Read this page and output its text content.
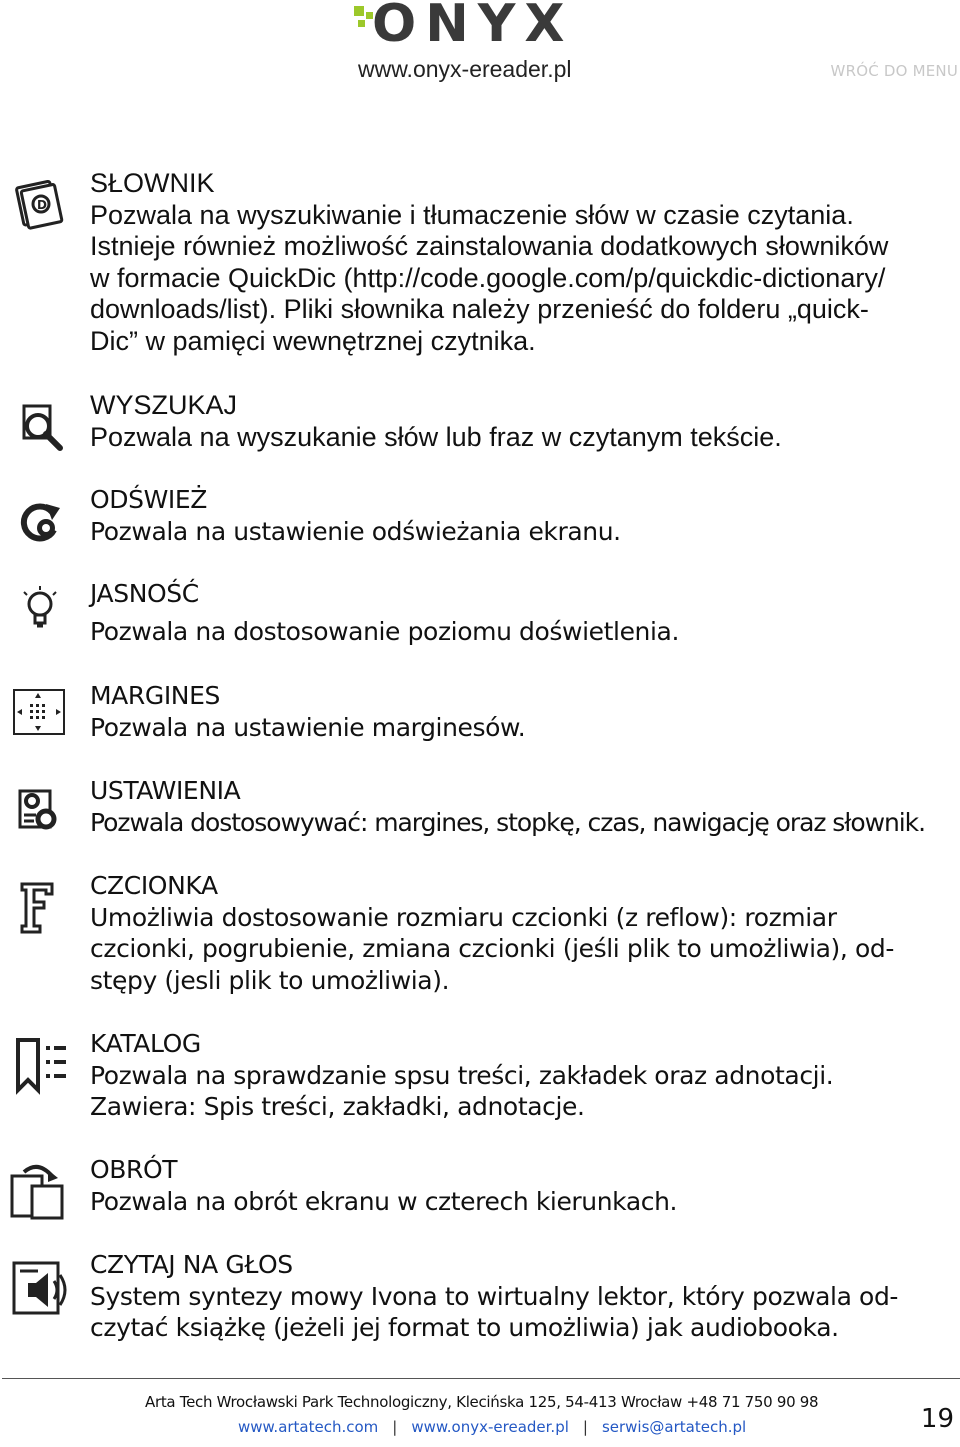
ONYX
www.onyx-ereader.pl	WRÓĆ DO MENU
D
SŁOWNIK
Pozwala na wyszukiwanie i tłumaczenie słów w czasie czytania.
Istnieje również możliwość zainstalowania dodatkowych słowników
w formacie QuickDic (http://code.google.com/p/quickdic-dictionary/
downloads/list). Pliki słownika należy przenieść do folderu „quick-
Dic” w pamięci wewnętrznej czytnika.
WYSZUKAJ
Pozwala na wyszukanie słów lub fraz w czytanym tekście.
ODŚWIEŻ
Pozwala na ustawienie odświeżania ekranu.
JASNOŚĆ
Pozwala na dostosowanie poziomu doświetlenia.
MARGINES
Pozwala na ustawienie marginesów.
USTAWIENIA
Pozwala dostosowywać: margines, stopkę, czas, nawigację oraz słownik.
CZCIONKA
Umożliwia dostosowanie rozmiaru czcionki (z reflow): rozmiar
czcionki, pogrubienie, zmiana czcionki (jeśli plik to umożliwia), od-
stępy (jesli plik to umożliwia).
KATALOG
Pozwala na sprawdzanie spsu treści, zakładek oraz adnotacji.
Zawiera: Spis treści, zakładki, adnotacje.
OBRÓT
Pozwala na obrót ekranu w czterech kierunkach.
CZYTAJ NA GŁOS
System syntezy mowy Ivona to wirtualny lektor, który pozwala od-
czytać książkę (jeżeli jej format to umożliwia) jak audiobooka.
Arta Tech Wrocławski Park Technologiczny, Klecińska 125, 54-413 Wrocław +48 71 750 90 98
www.artatech.com | www.onyx-ereader.pl | serwis@artatech.pl	19
